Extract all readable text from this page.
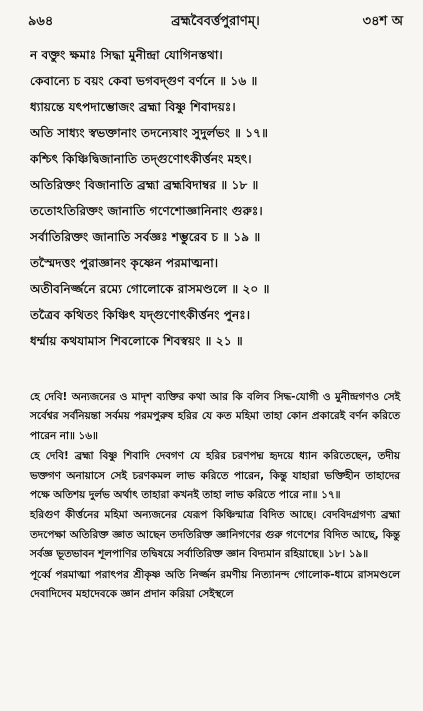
৯৬৪	ব্রহ্মবৈবর্ত্তপুরাণম্।	৩৪শ অ
ন বক্তুং ক্ষমাঃ সিদ্ধা মুনীন্দ্রা যোগিনস্তথা।
কেবান্যে চ বয়ং কেবা ভগবদ্গুণ বর্ণনে ॥ ১৬ ॥
ধ্যায়ন্তে যৎপদাম্ভোজং ব্রহ্মা বিষ্ণু শিবাদয়ঃ।
অতি সাধ্যং স্বভক্তানাং তদন্যেষাং সুদুর্লভং ॥ ১৭॥
কশ্চিৎ কিঞ্চিদ্বিজানাতি তদ্গুণোৎকীর্ত্তনং মহৎ।
অতিরিক্তং বিজানাতি ব্রহ্মা ব্রহ্মবিদাম্বর ॥ ১৮ ॥
ততোঽতিরিক্তং জানাতি গণেশোজ্ঞানিনাং গুরুঃ।
সর্বাতিরিক্তং জানাতি সর্বজ্ঞঃ শম্ভুরেব চ ॥ ১৯ ॥
তস্মৈদত্তং পুরাজ্ঞানং কৃষ্ণেন পরমাত্মনা।
অতীবনির্জ্জনে রম্যে গোলোকে রাসমণ্ডলে ॥ ২০ ॥
তত্রৈব কথিতং কিঞ্চিৎ যদ্গুণোৎকীর্ত্তনং পুনঃ।
ধর্ম্মায় কথযামাস শিবলোকে শিবস্বয়ং ॥ ২১ ॥

হে দেবি! অন্যজনের ও মাদৃশ ব্যক্তির কথা আর কি বলিব সিদ্ধ-যোগী ও মুনীন্দ্রগণও সেই সর্বেশ্বর সর্বনিয়ন্তা সর্বময় পরমপুরুষ হরির যে কত মহিমা তাহা কোন প্রকারেই বর্ণন করিতে পারেন না॥ ১৬॥

হে দেবি! ব্রহ্মা বিষ্ণু শিবাদি দেবগণ যে হরির চরণপদ্ম হৃদয়ে ধ্যান করিতেছেন, তদীয় ভক্তগণ অনায়াসে সেই চরণকমল লাভ করিতে পারেন, কিন্তু যাহারা ভক্তিহীন তাহাদের পক্ষে অতিশয় দুর্লভ অর্থাৎ তাহারা কখনই তাহা লাভ করিতে পারে না॥ ১৭॥

হরিগুণ কীর্ত্তনের মহিমা অন্যজনের যেরূপ কিঞ্চিন্মাত্র বিদিত আছে। বেদবিদগ্রগণ্য ব্রহ্মা তদপেক্ষা অতিরিক্ত জ্ঞাত আছেন তদতিরিক্ত জ্ঞানিগণের গুরু গণেশের বিদিত আছে, কিন্তু সর্বজ্ঞ ভূতভাবন শূলপাণির তদ্বিষয়ে সর্বাতিরিক্ত জ্ঞান বিদ্যমান রহিয়াছে॥ ১৮। ১৯॥

পূর্ব্বে পরমাত্মা পরাৎপর শ্রীকৃষ্ণ অতি নির্জ্জন রমণীয় নিত্যানন্দ গোলোক-ধামে রাসমণ্ডলে দেবাদিদেব মহাদেবকে জ্ঞান প্রদান করিয়া সেইস্থলে
